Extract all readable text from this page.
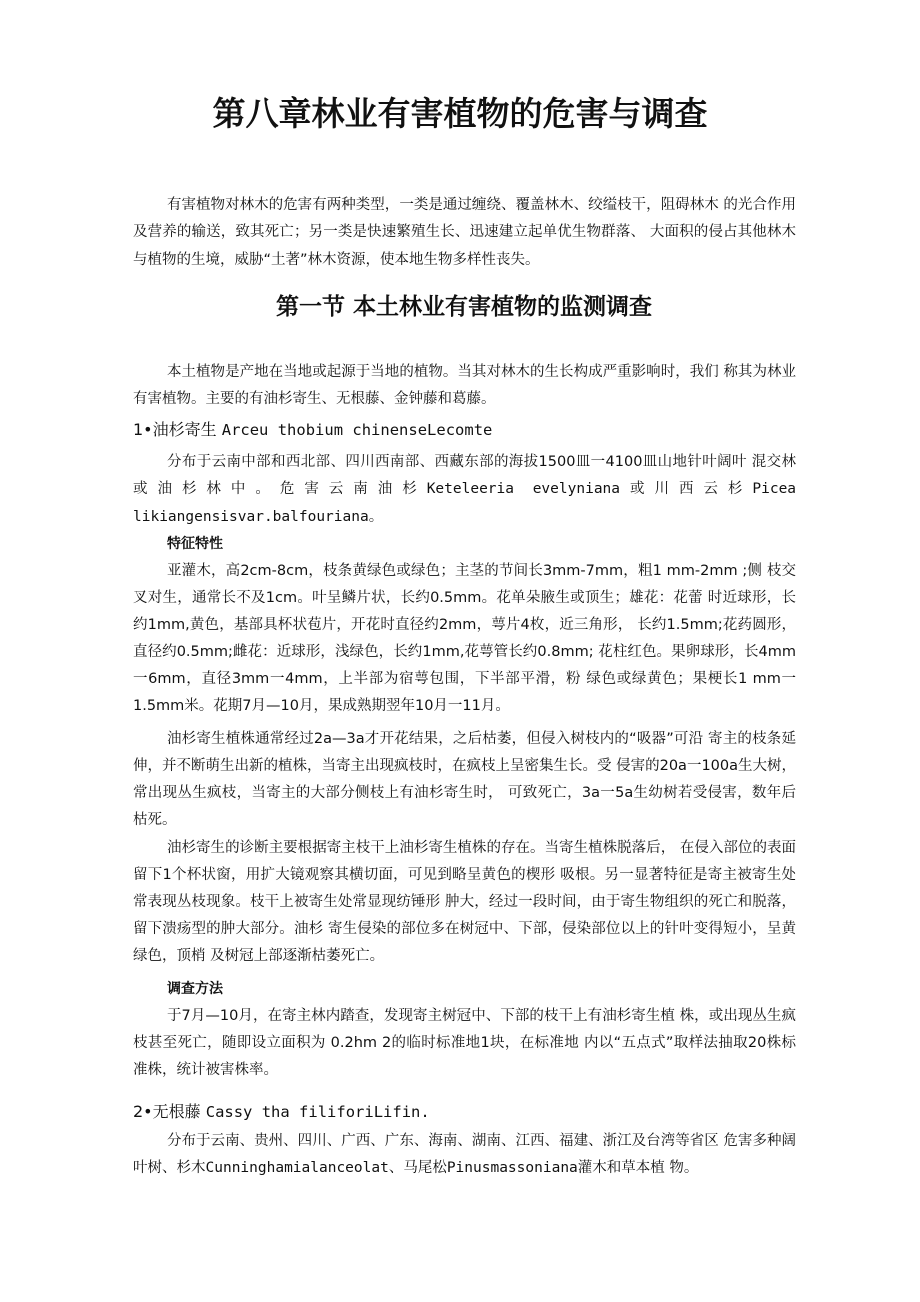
第八章林业有害植物的危害与调查

有害植物对林木的危害有两种类型，一类是通过缠绕、覆盖林木、绞缢枝干，阻碍林木 的光合作用及营养的输送，致其死亡；另一类是快速繁殖生长、迅速建立起单优生物群落、 大面积的侵占其他林木与植物的生境，威胁“土著”林木资源，使本地生物多样性丧失。

第一节 本土林业有害植物的监测调查

本土植物是产地在当地或起源于当地的植物。当其对林木的生长构成严重影响时，我们 称其为林业有害植物。主要的有油杉寄生、无根藤、金钟藤和葛藤。

1•油杉寄生 Arceu thobium chinenseLecomte

分布于云南中部和西北部、四川西南部、西藏东部的海拔1500皿一4100皿山地针叶阔叶 混交林或油杉林中。危害云南油杉Keteleeria evelyniana或川西云杉Picea likiangensisvar.balfouriana。

特征特性

亚灌木，高2cm-8cm，枝条黄绿色或绿色；主茎的节间长3mm-7mm，粗1 mm-2mm ;侧 枝交叉对生，通常长不及1cm。叶呈鳞片状，长约0.5mm。花单朵腋生或顶生；雄花：花蕾 时近球形，长约1mm,黄色，基部具杯状苞片，开花时直径约2mm，萼片4枚，近三角形， 长约1.5mm;花药圆形，直径约0.5mm;雌花：近球形，浅绿色，长约1mm,花萼管长约0.8mm; 花柱红色。果卵球形，长4mm一6mm，直径3mm一4mm，上半部为宿萼包围，下半部平滑，粉 绿色或绿黄色；果梗长1 mm一1.5mm米。花期7月—10月，果成熟期翌年10月一11月。

油杉寄生植株通常经过2a—3a才开花结果，之后枯萎，但侵入树枝内的“吸器”可沿 寄主的枝条延伸，并不断萌生出新的植株，当寄主出现疯枝时，在疯枝上呈密集生长。受 侵害的20a一100a生大树，常出现丛生疯枝，当寄主的大部分侧枝上有油杉寄生时， 可致死亡，3a一5a生幼树若受侵害，数年后枯死。

油杉寄生的诊断主要根据寄主枝干上油杉寄生植株的存在。当寄生植株脱落后， 在侵入部位的表面留下1个杯状窗，用扩大镜观察其横切面，可见到略呈黄色的楔形 吸根。另一显著特征是寄主被寄生处常表现丛枝现象。枝干上被寄生处常显现纺锤形 肿大，经过一段时间，由于寄生物组织的死亡和脱落，留下溃疡型的肿大部分。油杉 寄生侵染的部位多在树冠中、下部，侵染部位以上的针叶变得短小，呈黄绿色，顶梢 及树冠上部逐渐枯萎死亡。

调查方法

于7月—10月，在寄主林内踏查，发现寄主树冠中、下部的枝干上有油杉寄生植 株，或出现丛生疯枝甚至死亡，随即设立面积为 0.2hm 2的临时标准地1块，在标准地 内以“五点式”取样法抽取20株标准株，统计被害株率。

2•无根藤 Cassy tha filiforiLifin.

分布于云南、贵州、四川、广西、广东、海南、湖南、江西、福建、浙江及台湾等省区 危害多种阔叶树、杉木Cunninghamialanceolat、马尾松Pinusmassoniana灌木和草本植 物。
